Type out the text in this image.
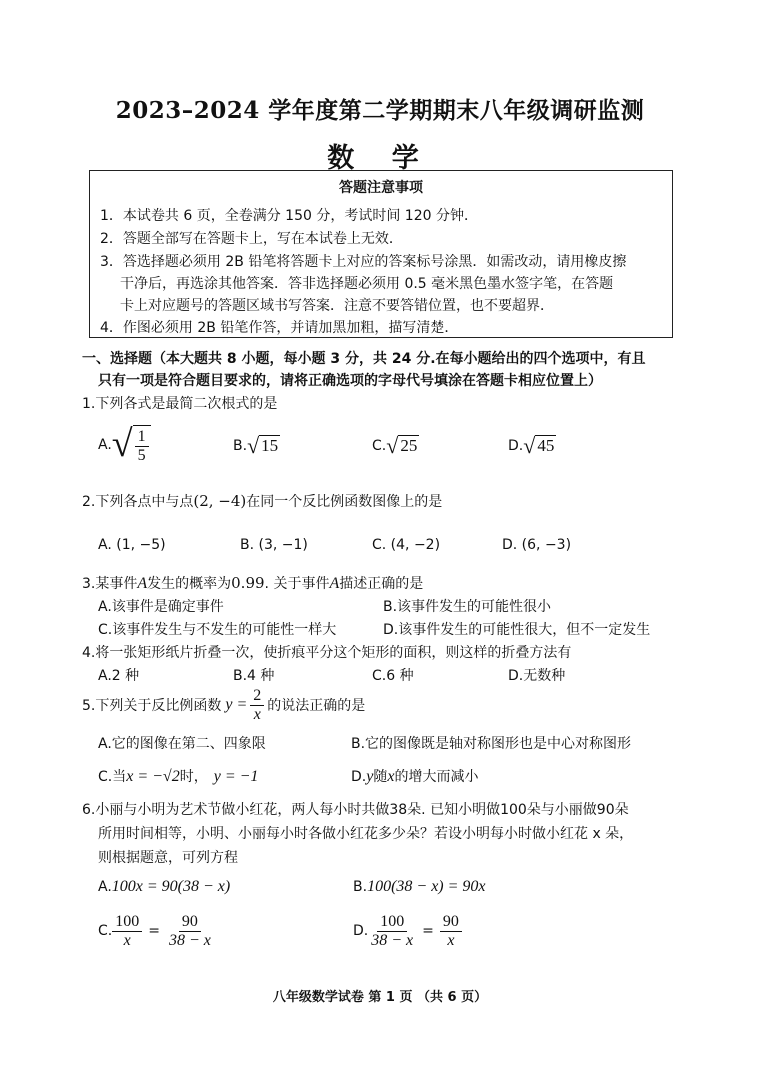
2023–2024 学年度第二学期期末八年级调研监测
数 学
答题注意事项
1．本试卷共 6 页，全卷满分 150 分，考试时间 120 分钟．
2．答题全部写在答题卡上，写在本试卷上无效．
3．答选择题必须用 2B 铅笔将答题卡上对应的答案标号涂黑．如需改动，请用橡皮擦
干净后，再选涂其他答案．答非选择题必须用 0.5 毫米黑色墨水签字笔，在答题
卡上对应题号的答题区域书写答案．注意不要答错位置，也不要超界．
4．作图必须用 2B 铅笔作答，并请加黑加粗，描写清楚．
一、选择题（本大题共 8 小题，每小题 3 分，共 24 分.在每小题给出的四个选项中，有且
只有一项是符合题目要求的，请将正确选项的字母代号填涂在答题卡相应位置上）
1.下列各式是最简二次根式的是
A. √ $\frac{1}{5}$	B. √ 15	C. √ 25	D. √ 45
2.下列各点中与点(2, −4)在同一个反比例函数图像上的是
A. (1, −5)	B. (3, −1)	C. (4, −2)	D. (6, −3)
3.某事件A发生的概率为0.99. 关于事件A描述正确的是
A.该事件是确定事件	B.该事件发生的可能性很小
C.该事件发生与不发生的可能性一样大	D.该事件发生的可能性很大，但不一定发生
4.将一张矩形纸片折叠一次，使折痕平分这个矩形的面积，则这样的折叠方法有
A.2 种	B.4 种	C.6 种	D.无数种
5.下列关于反比例函数 $y = \frac{2}{x}$ 的说法正确的是
A.它的图像在第二、四象限	B.它的图像既是轴对称图形也是中心对称图形
C.当x = −√2时， y = −1	D.y随x的增大而减小
6.小丽与小明为艺术节做小红花，两人每小时共做38朵. 已知小明做100朵与小丽做90朵
所用时间相等，小明、小丽每小时各做小红花多少朵？若设小明每小时做小红花 x 朵，
则根据题意，可列方程
A.100x = 90(38 − x)	B.100(38 − x) = 90x
C. $\frac{100}{x} = \frac{90}{38 - x}$	D. $\frac{100}{38 - x} = \frac{90}{x}$
八年级数学试卷 第 1 页 （共 6 页）
